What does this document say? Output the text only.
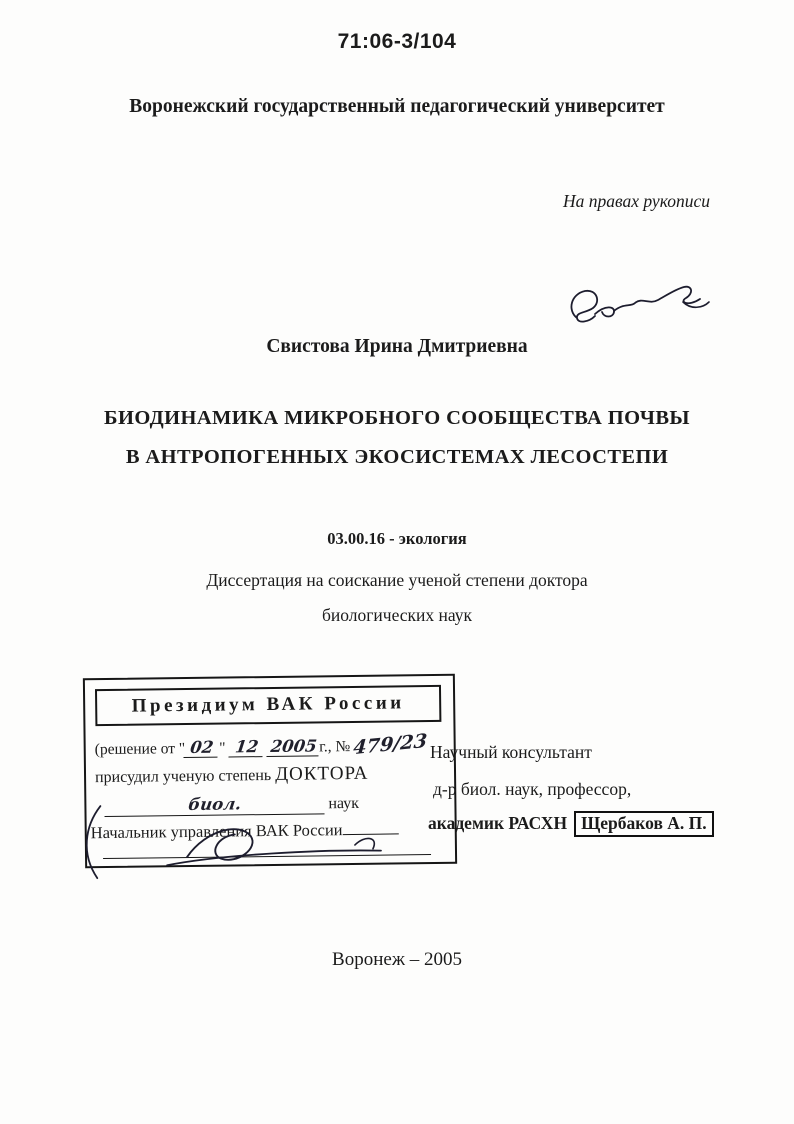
71:06-3/104
Воронежский государственный педагогический университет
На правах рукописи
Свистова Ирина Дмитриевна
БИОДИНАМИКА МИКРОБНОГО СООБЩЕСТВА ПОЧВЫ
В АНТРОПОГЕННЫХ ЭКОСИСТЕМАХ ЛЕСОСТЕПИ
03.00.16 - экология
Диссертация на соискание ученой степени доктора
биологических наук
Президиум ВАК России
(решение от " 02 " 12 2005 г., № 479/23
присудил ученую степень ДОКТОРА
биол.	наук
Начальник управления ВАК России
Научный консультант
д-р биол. наук, профессор,
академик РАСХН Щербаков А. П.
Воронеж – 2005
